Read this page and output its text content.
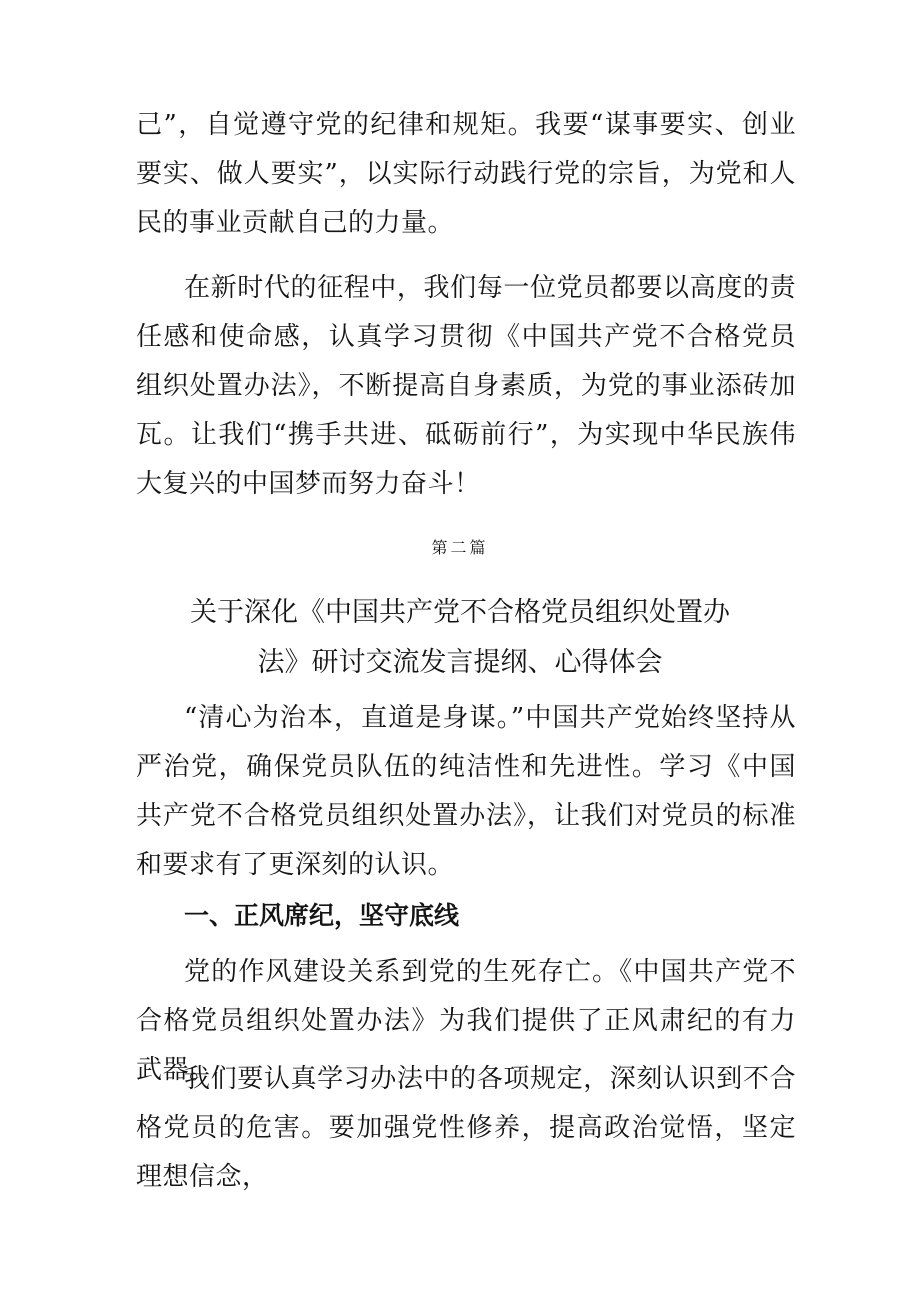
己”，自觉遵守党的纪律和规矩。我要“谋事要实、创业要实、做人要实”，以实际行动践行党的宗旨，为党和人民的事业贡献自己的力量。

在新时代的征程中，我们每一位党员都要以高度的责任感和使命感，认真学习贯彻《中国共产党不合格党员组织处置办法》，不断提高自身素质，为党的事业添砖加瓦。让我们“携手共进、砥砺前行”，为实现中华民族伟大复兴的中国梦而努力奋斗！

第二篇

关于深化《中国共产党不合格党员组织处置办
法》研讨交流发言提纲、心得体会

“清心为治本，直道是身谋。”中国共产党始终坚持从严治党，确保党员队伍的纯洁性和先进性。学习《中国共产党不合格党员组织处置办法》，让我们对党员的标准和要求有了更深刻的认识。

一、正风席纪，坚守底线

党的作风建设关系到党的生死存亡。《中国共产党不合格党员组织处置办法》为我们提供了正风肃纪的有力武器。

我们要认真学习办法中的各项规定，深刻认识到不合格党员的危害。要加强党性修养，提高政治觉悟，坚定理想信念，
